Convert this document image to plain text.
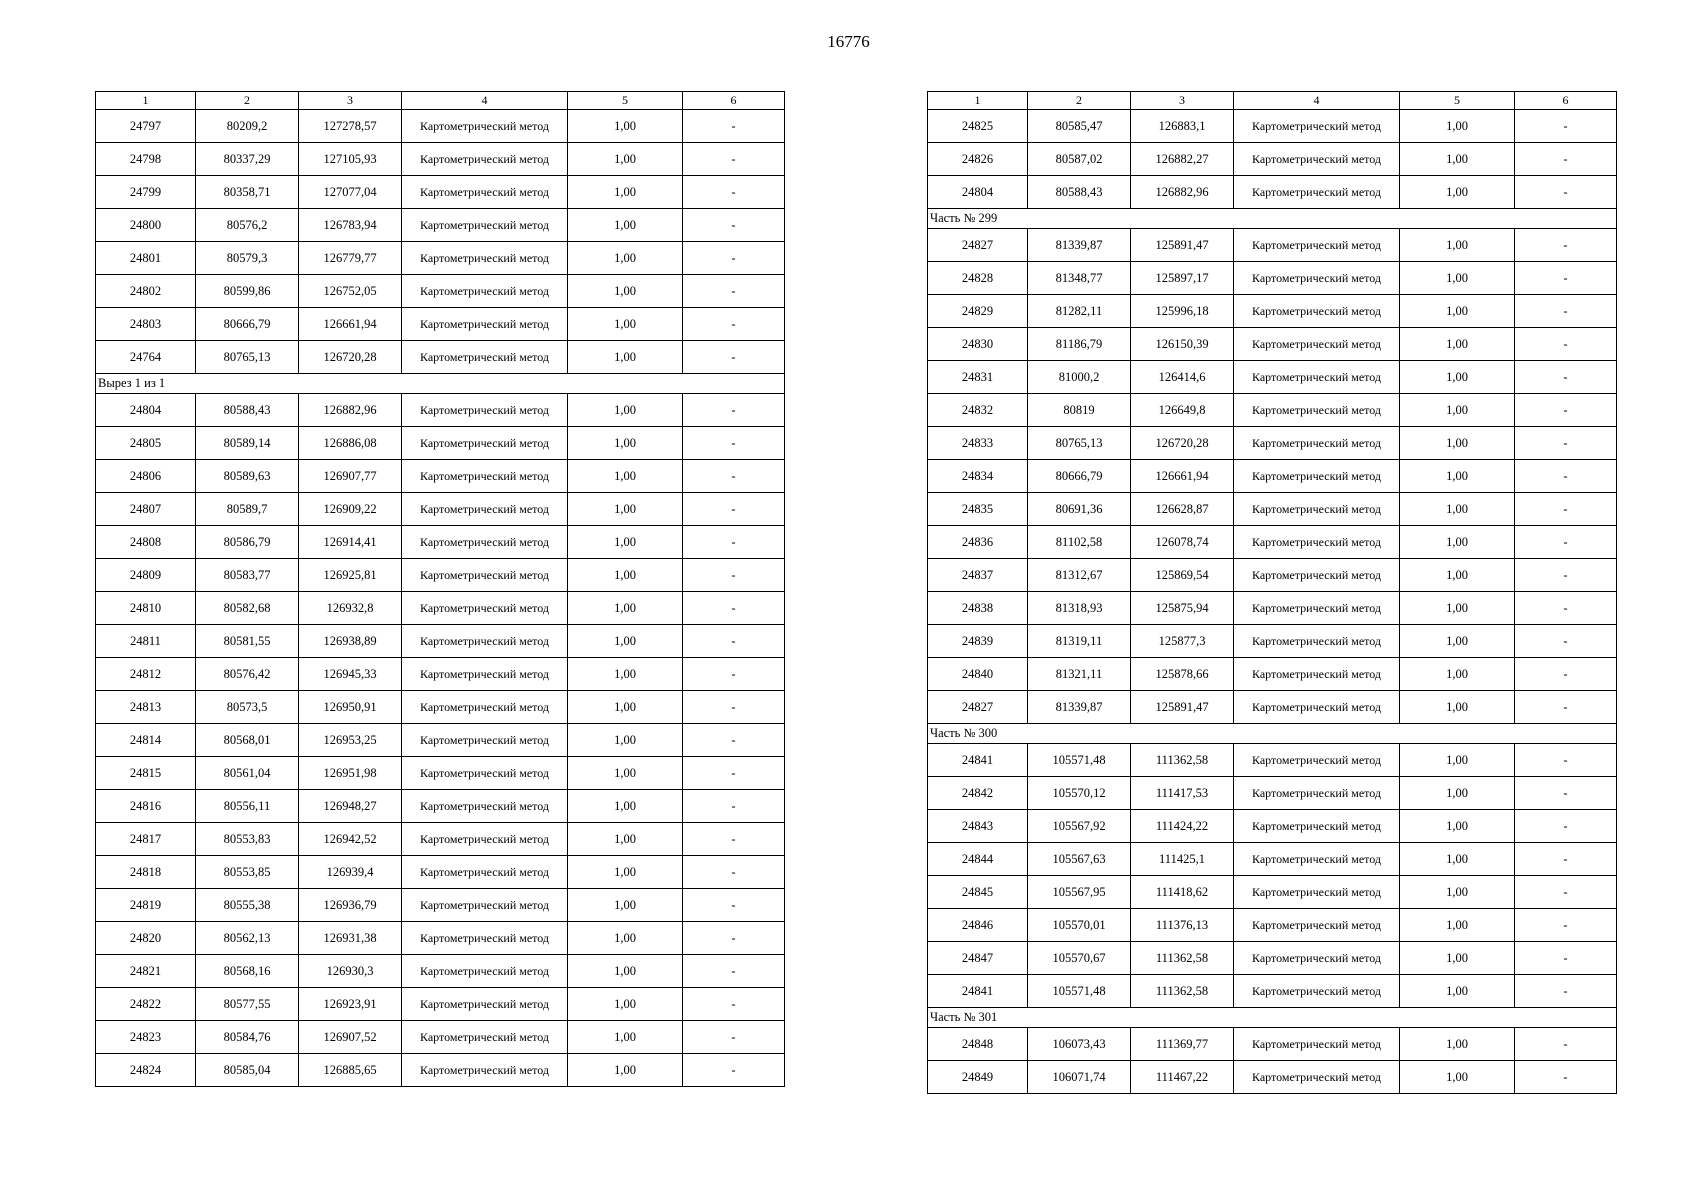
16776
1	2	3	4	5	6
24797	80209,2	127278,57	Картометрический метод	1,00	-
24798	80337,29	127105,93	Картометрический метод	1,00	-
24799	80358,71	127077,04	Картометрический метод	1,00	-
24800	80576,2	126783,94	Картометрический метод	1,00	-
24801	80579,3	126779,77	Картометрический метод	1,00	-
24802	80599,86	126752,05	Картометрический метод	1,00	-
24803	80666,79	126661,94	Картометрический метод	1,00	-
24764	80765,13	126720,28	Картометрический метод	1,00	-
Вырез 1 из 1					
24804	80588,43	126882,96	Картометрический метод	1,00	-
24805	80589,14	126886,08	Картометрический метод	1,00	-
24806	80589,63	126907,77	Картометрический метод	1,00	-
24807	80589,7	126909,22	Картометрический метод	1,00	-
24808	80586,79	126914,41	Картометрический метод	1,00	-
24809	80583,77	126925,81	Картометрический метод	1,00	-
24810	80582,68	126932,8	Картометрический метод	1,00	-
24811	80581,55	126938,89	Картометрический метод	1,00	-
24812	80576,42	126945,33	Картометрический метод	1,00	-
24813	80573,5	126950,91	Картометрический метод	1,00	-
24814	80568,01	126953,25	Картометрический метод	1,00	-
24815	80561,04	126951,98	Картометрический метод	1,00	-
24816	80556,11	126948,27	Картометрический метод	1,00	-
24817	80553,83	126942,52	Картометрический метод	1,00	-
24818	80553,85	126939,4	Картометрический метод	1,00	-
24819	80555,38	126936,79	Картометрический метод	1,00	-
24820	80562,13	126931,38	Картометрический метод	1,00	-
24821	80568,16	126930,3	Картометрический метод	1,00	-
24822	80577,55	126923,91	Картометрический метод	1,00	-
24823	80584,76	126907,52	Картометрический метод	1,00	-
24824	80585,04	126885,65	Картометрический метод	1,00	-
1	2	3	4	5	6
24825	80585,47	126883,1	Картометрический метод	1,00	-
24826	80587,02	126882,27	Картометрический метод	1,00	-
24804	80588,43	126882,96	Картометрический метод	1,00	-
Часть № 299					
24827	81339,87	125891,47	Картометрический метод	1,00	-
24828	81348,77	125897,17	Картометрический метод	1,00	-
24829	81282,11	125996,18	Картометрический метод	1,00	-
24830	81186,79	126150,39	Картометрический метод	1,00	-
24831	81000,2	126414,6	Картометрический метод	1,00	-
24832	80819	126649,8	Картометрический метод	1,00	-
24833	80765,13	126720,28	Картометрический метод	1,00	-
24834	80666,79	126661,94	Картометрический метод	1,00	-
24835	80691,36	126628,87	Картометрический метод	1,00	-
24836	81102,58	126078,74	Картометрический метод	1,00	-
24837	81312,67	125869,54	Картометрический метод	1,00	-
24838	81318,93	125875,94	Картометрический метод	1,00	-
24839	81319,11	125877,3	Картометрический метод	1,00	-
24840	81321,11	125878,66	Картометрический метод	1,00	-
24827	81339,87	125891,47	Картометрический метод	1,00	-
Часть № 300					
24841	105571,48	111362,58	Картометрический метод	1,00	-
24842	105570,12	111417,53	Картометрический метод	1,00	-
24843	105567,92	111424,22	Картометрический метод	1,00	-
24844	105567,63	111425,1	Картометрический метод	1,00	-
24845	105567,95	111418,62	Картометрический метод	1,00	-
24846	105570,01	111376,13	Картометрический метод	1,00	-
24847	105570,67	111362,58	Картометрический метод	1,00	-
24841	105571,48	111362,58	Картометрический метод	1,00	-
Часть № 301					
24848	106073,43	111369,77	Картометрический метод	1,00	-
24849	106071,74	111467,22	Картометрический метод	1,00	-
